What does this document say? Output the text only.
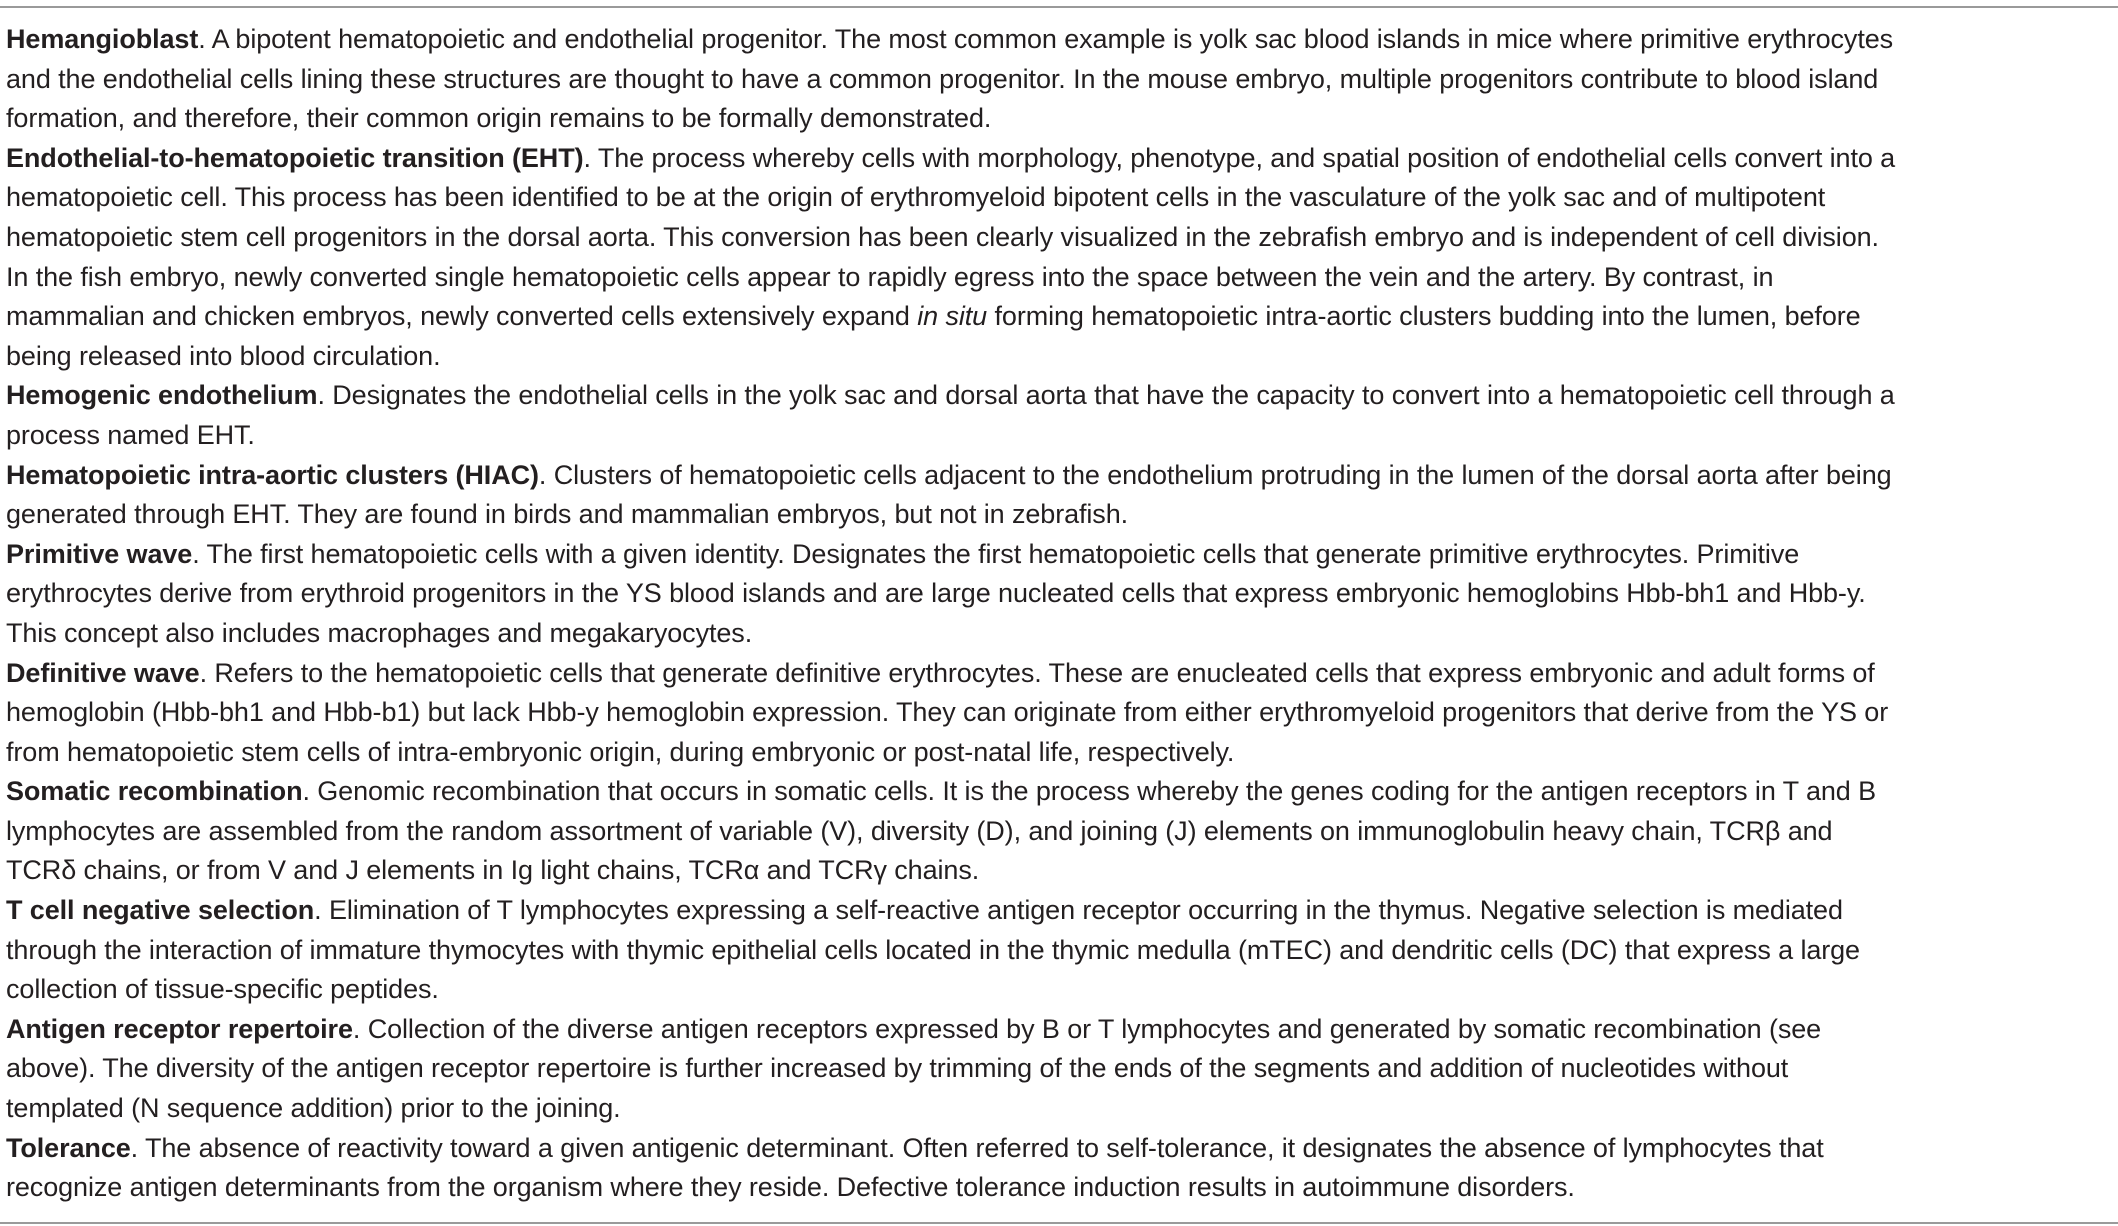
Hemangioblast. A bipotent hematopoietic and endothelial progenitor. The most common example is yolk sac blood islands in mice where primitive erythrocytes and the endothelial cells lining these structures are thought to have a common progenitor. In the mouse embryo, multiple progenitors contribute to blood island formation, and therefore, their common origin remains to be formally demonstrated.

Endothelial-to-hematopoietic transition (EHT). The process whereby cells with morphology, phenotype, and spatial position of endothelial cells convert into a hematopoietic cell. This process has been identified to be at the origin of erythromyeloid bipotent cells in the vasculature of the yolk sac and of multipotent hematopoietic stem cell progenitors in the dorsal aorta. This conversion has been clearly visualized in the zebrafish embryo and is independent of cell division. In the fish embryo, newly converted single hematopoietic cells appear to rapidly egress into the space between the vein and the artery. By contrast, in mammalian and chicken embryos, newly converted cells extensively expand in situ forming hematopoietic intra-aortic clusters budding into the lumen, before being released into blood circulation.

Hemogenic endothelium. Designates the endothelial cells in the yolk sac and dorsal aorta that have the capacity to convert into a hematopoietic cell through a process named EHT.

Hematopoietic intra-aortic clusters (HIAC). Clusters of hematopoietic cells adjacent to the endothelium protruding in the lumen of the dorsal aorta after being generated through EHT. They are found in birds and mammalian embryos, but not in zebrafish.

Primitive wave. The first hematopoietic cells with a given identity. Designates the first hematopoietic cells that generate primitive erythrocytes. Primitive erythrocytes derive from erythroid progenitors in the YS blood islands and are large nucleated cells that express embryonic hemoglobins Hbb-bh1 and Hbb-y. This concept also includes macrophages and megakaryocytes.

Definitive wave. Refers to the hematopoietic cells that generate definitive erythrocytes. These are enucleated cells that express embryonic and adult forms of hemoglobin (Hbb-bh1 and Hbb-b1) but lack Hbb-y hemoglobin expression. They can originate from either erythromyeloid progenitors that derive from the YS or from hematopoietic stem cells of intra-embryonic origin, during embryonic or post-natal life, respectively.

Somatic recombination. Genomic recombination that occurs in somatic cells. It is the process whereby the genes coding for the antigen receptors in T and B lymphocytes are assembled from the random assortment of variable (V), diversity (D), and joining (J) elements on immunoglobulin heavy chain, TCRβ and TCRδ chains, or from V and J elements in Ig light chains, TCRα and TCRγ chains.

T cell negative selection. Elimination of T lymphocytes expressing a self-reactive antigen receptor occurring in the thymus. Negative selection is mediated through the interaction of immature thymocytes with thymic epithelial cells located in the thymic medulla (mTEC) and dendritic cells (DC) that express a large collection of tissue-specific peptides.

Antigen receptor repertoire. Collection of the diverse antigen receptors expressed by B or T lymphocytes and generated by somatic recombination (see above). The diversity of the antigen receptor repertoire is further increased by trimming of the ends of the segments and addition of nucleotides without templated (N sequence addition) prior to the joining.

Tolerance. The absence of reactivity toward a given antigenic determinant. Often referred to self-tolerance, it designates the absence of lymphocytes that recognize antigen determinants from the organism where they reside. Defective tolerance induction results in autoimmune disorders.
